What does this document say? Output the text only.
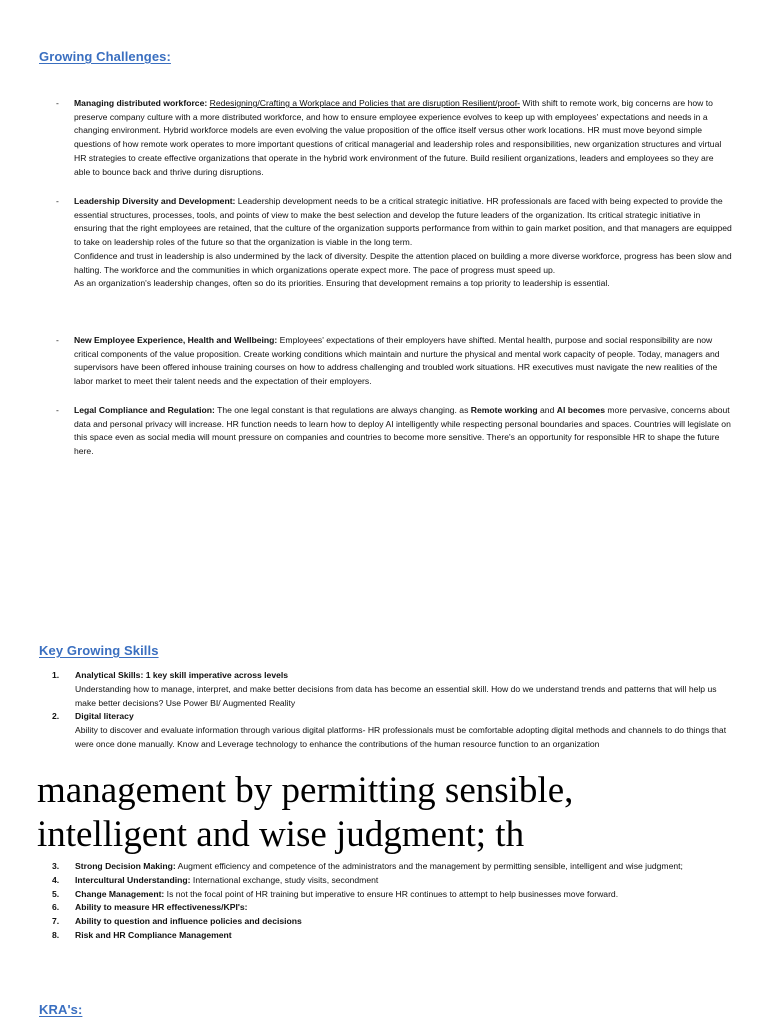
Growing Challenges:
- Managing distributed workforce: Redesigning/Crafting a Workplace and Policies that are disruption Resilient/proof- With shift to remote work, big concerns are how to preserve company culture with a more distributed workforce, and how to ensure employee experience evolves to keep up with employees' expectations and needs in a changing environment. Hybrid workforce models are even evolving the value proposition of the office itself versus other work locations. HR must move beyond simple questions of how remote work operates to more important questions of critical managerial and leadership roles and responsibilities, new organization structures and virtual HR strategies to create effective organizations that operate in the hybrid work environment of the future. Build resilient organizations, leaders and employees so they are able to bounce back and thrive during disruptions.

- Leadership Diversity and Development: Leadership development needs to be a critical strategic initiative. HR professionals are faced with being expected to provide the essential structures, processes, tools, and points of view to make the best selection and develop the future leaders of the organization. Its critical strategic initiative in ensuring that the right employees are retained, that the culture of the organization supports performance from within to gain market position, and that managers are equipped to take on leadership roles of the future so that the organization is viable in the long term.

Confidence and trust in leadership is also undermined by the lack of diversity. Despite the attention placed on building a more diverse workforce, progress has been slow and halting. The workforce and the communities in which organizations operate expect more. The pace of progress must speed up.

As an organization's leadership changes, often so do its priorities. Ensuring that development remains a top priority to leadership is essential.

- New Employee Experience, Health and Wellbeing: Employees' expectations of their employers have shifted. Mental health, purpose and social responsibility are now critical components of the value proposition. Create working conditions which maintain and nurture the physical and mental work capacity of people. Today, managers and supervisors have been offered inhouse training courses on how to address challenging and troubled work situations. HR executives must navigate the new realities of the labor market to meet their talent needs and the expectation of their employers.

- Legal Compliance and Regulation: The one legal constant is that regulations are always changing. as Remote working and AI becomes more pervasive, concerns about data and personal privacy will increase. HR function needs to learn how to deploy AI intelligently while respecting personal boundaries and spaces. Countries will legislate on this space even as social media will mount pressure on companies and countries to become more sensitive. There's an opportunity for responsible HR to shape the future here.

Key Growing Skills
1. Analytical Skills: 1 key skill imperative across levels

Understanding how to manage, interpret, and make better decisions from data has become an essential skill. How do we understand trends and patterns that will help us make better decisions? Use Power BI/ Augmented Reality

2. Digital literacy

Ability to discover and evaluate information through various digital platforms- HR professionals must be comfortable adopting digital methods and channels to do things that were once done manually. Know and Leverage technology to enhance the contributions of the human resource function to an organization

management by permitting sensible,
intelligent and wise judgment; th
3. Strong Decision Making: Augment efficiency and competence of the administrators and the management by permitting sensible, intelligent and wise judgment;

4. Intercultural Understanding: International exchange, study visits, secondment

5. Change Management: Is not the focal point of HR training but imperative to ensure HR continues to attempt to help businesses move forward.

6. Ability to measure HR effectiveness/KPI's:

7. Ability to question and influence policies and decisions

8. Risk and HR Compliance Management

KRA's:
